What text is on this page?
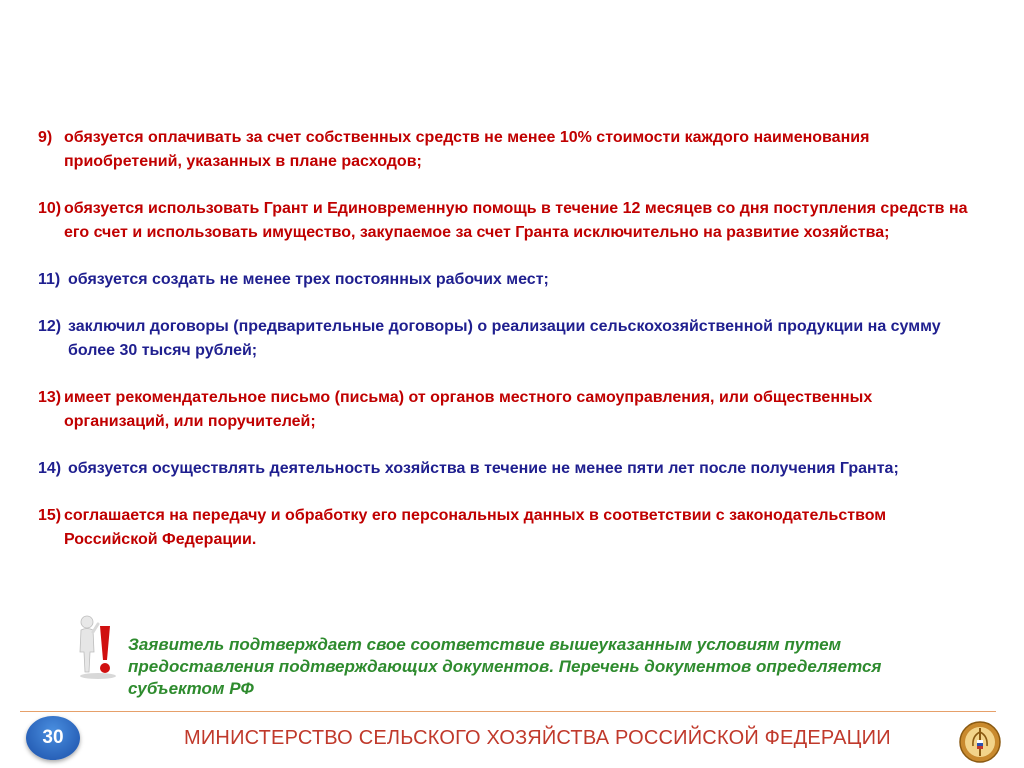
9) обязуется оплачивать за счет собственных средств не менее 10% стоимости каждого наименования приобретений, указанных в плане расходов;
10) обязуется использовать Грант и Единовременную помощь в течение 12 месяцев со дня поступления средств на его счет и использовать имущество, закупаемое за счет Гранта исключительно на развитие хозяйства;
11) обязуется создать не менее трех постоянных рабочих мест;
12) заключил договоры (предварительные договоры) о реализации сельскохозяйственной продукции на сумму более 30 тысяч рублей;
13) имеет рекомендательное письмо (письма) от органов местного самоуправления, или общественных организаций, или поручителей;
14) обязуется осуществлять деятельность хозяйства в течение не менее пяти лет после получения Гранта;
15) соглашается на передачу и обработку его персональных данных в соответствии с законодательством Российской Федерации.
Заявитель подтверждает свое соответствие вышеуказанным условиям путем предоставления подтверждающих документов. Перечень документов определяется субъектом РФ
30	МИНИСТЕРСТВО СЕЛЬСКОГО ХОЗЯЙСТВА РОССИЙСКОЙ ФЕДЕРАЦИИ
